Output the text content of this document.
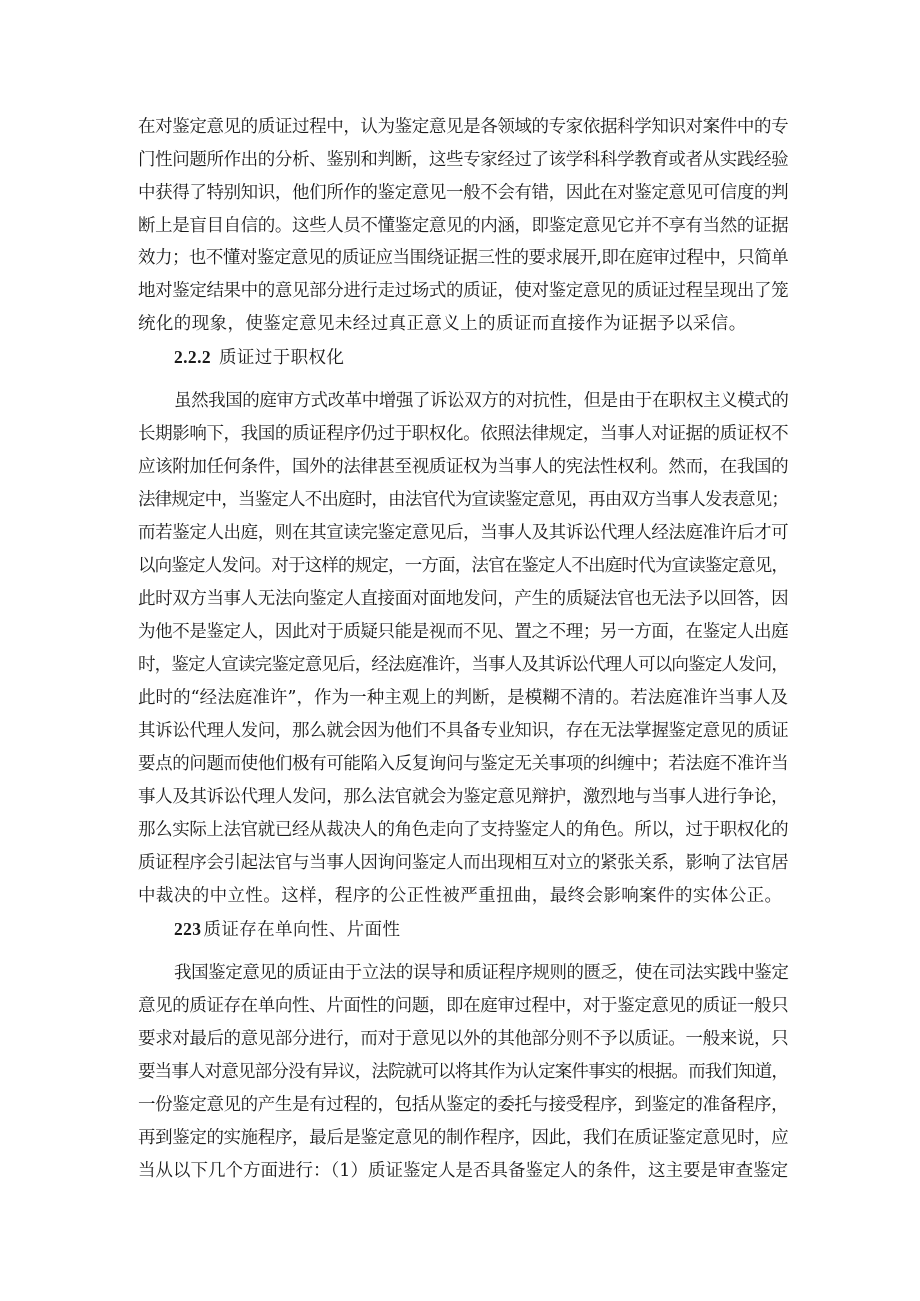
在对鉴定意见的质证过程中，认为鉴定意见是各领域的专家依据科学知识对案件中的专
门性问题所作出的分析、鉴别和判断，这些专家经过了该学科科学教育或者从实践经验
中获得了特别知识，他们所作的鉴定意见一般不会有错，因此在对鉴定意见可信度的判
断上是盲目自信的。这些人员不懂鉴定意见的内涵，即鉴定意见它并不享有当然的证据
效力；也不懂对鉴定意见的质证应当围绕证据三性的要求展开,即在庭审过程中，只简单
地对鉴定结果中的意见部分进行走过场式的质证，使对鉴定意见的质证过程呈现出了笼
统化的现象，使鉴定意见未经过真正意义上的质证而直接作为证据予以采信。
2.2.2 质证过于职权化
虽然我国的庭审方式改革中增强了诉讼双方的对抗性，但是由于在职权主义模式的
长期影响下，我国的质证程序仍过于职权化。依照法律规定，当事人对证据的质证权不
应该附加任何条件，国外的法律甚至视质证权为当事人的宪法性权利。然而，在我国的
法律规定中，当鉴定人不出庭时，由法官代为宣读鉴定意见，再由双方当事人发表意见；
而若鉴定人出庭，则在其宣读完鉴定意见后，当事人及其诉讼代理人经法庭准许后才可
以向鉴定人发问。对于这样的规定，一方面，法官在鉴定人不出庭时代为宣读鉴定意见，
此时双方当事人无法向鉴定人直接面对面地发问，产生的质疑法官也无法予以回答，因
为他不是鉴定人，因此对于质疑只能是视而不见、置之不理；另一方面，在鉴定人出庭
时，鉴定人宣读完鉴定意见后，经法庭准许，当事人及其诉讼代理人可以向鉴定人发问，
此时的“经法庭准许”，作为一种主观上的判断，是模糊不清的。若法庭准许当事人及
其诉讼代理人发问，那么就会因为他们不具备专业知识，存在无法掌握鉴定意见的质证
要点的问题而使他们极有可能陷入反复询问与鉴定无关事项的纠缠中；若法庭不准许当
事人及其诉讼代理人发问，那么法官就会为鉴定意见辩护，激烈地与当事人进行争论，
那么实际上法官就已经从裁决人的角色走向了支持鉴定人的角色。所以，过于职权化的
质证程序会引起法官与当事人因询问鉴定人而出现相互对立的紧张关系，影响了法官居
中裁决的中立性。这样，程序的公正性被严重扭曲，最终会影响案件的实体公正。
223 质证存在单向性、片面性
我国鉴定意见的质证由于立法的误导和质证程序规则的匮乏，使在司法实践中鉴定
意见的质证存在单向性、片面性的问题，即在庭审过程中，对于鉴定意见的质证一般只
要求对最后的意见部分进行，而对于意见以外的其他部分则不予以质证。一般来说，只
要当事人对意见部分没有异议，法院就可以将其作为认定案件事实的根据。而我们知道，
一份鉴定意见的产生是有过程的，包括从鉴定的委托与接受程序，到鉴定的准备程序，
再到鉴定的实施程序，最后是鉴定意见的制作程序，因此，我们在质证鉴定意见时，应
当从以下几个方面进行：（1）质证鉴定人是否具备鉴定人的条件，这主要是审查鉴定
